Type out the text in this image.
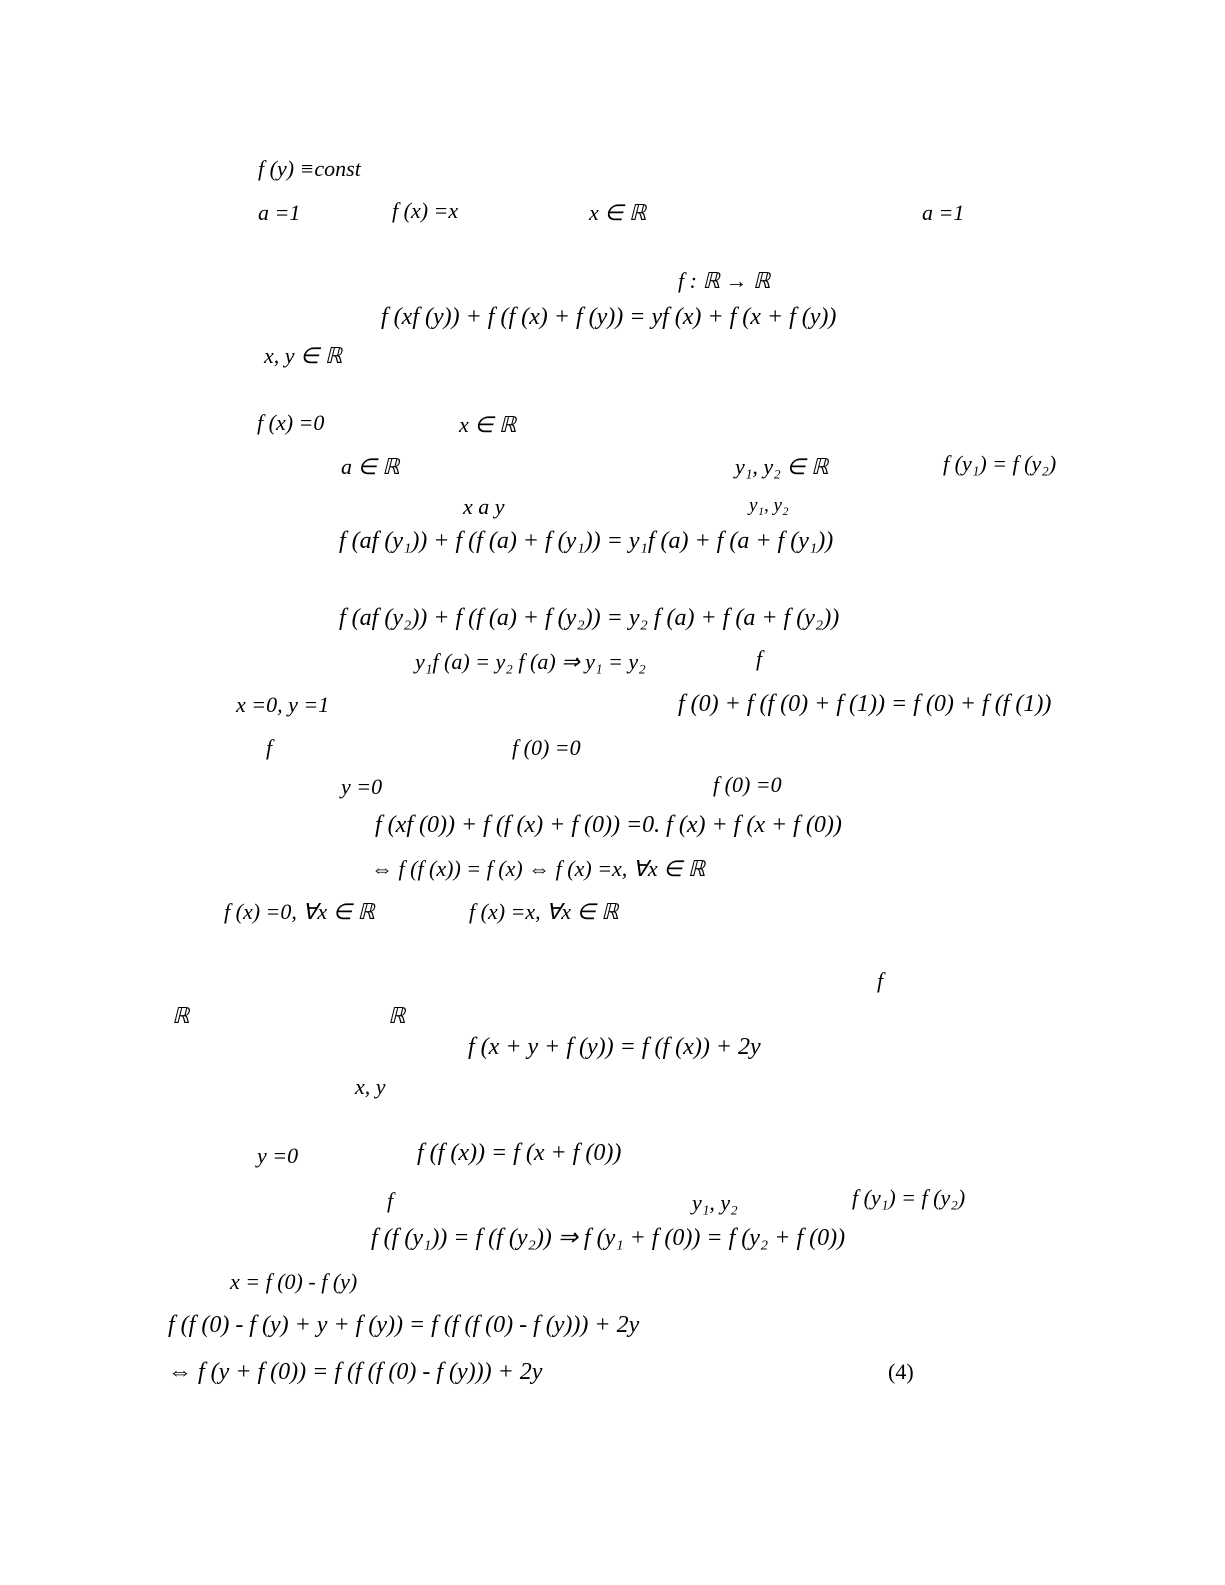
f (y) ≡const
a =1	f (x) =x	x ∈ ℝ	a =1
f : ℝ → ℝ
f (xf (y)) + f (f (x) + f (y)) = yf (x) + f (x + f (y))
x, y ∈ ℝ
f (x) =0	x ∈ ℝ
a ∈ ℝ	y₁, y₂ ∈ ℝ	f (y₁) = f (y₂)
x a y	y₁, y₂
f (af (y₁)) + f (f (a) + f (y₁)) = y₁f (a) + f (a + f (y₁))
f (af (y₂)) + f (f (a) + f (y₂)) = y₂ f (a) + f (a + f (y₂))
y₁f (a) = y₂ f (a) ⇒ y₁ = y₂	f
x =0, y =1	f (0) + f (f (0) + f (1)) = f (0) + f (f (1))
f	f (0) =0
y =0	f (0) =0
f (xf (0)) + f (f (x) + f (0)) =0. f (x) + f (x + f (0))
⇔ f (f (x)) = f (x) ⇔ f (x) =x, ∀x ∈ ℝ
f (x) =0, ∀x ∈ ℝ	f (x) =x, ∀x ∈ ℝ
f
ℝ	ℝ
f (x + y + f (y)) = f (f (x)) + 2y
x, y
y =0	f (f (x)) = f (x + f (0))
f	y₁, y₂	f (y₁) = f (y₂)
f (f (y₁)) = f (f (y₂)) ⇒ f (y₁ + f (0)) = f (y₂ + f (0))
x = f (0) - f (y)
f (f (0) - f (y) + y + f (y)) = f (f (f (0) - f (y))) + 2y
⇔ f (y + f (0)) = f (f (f (0) - f (y))) + 2y	(4)
